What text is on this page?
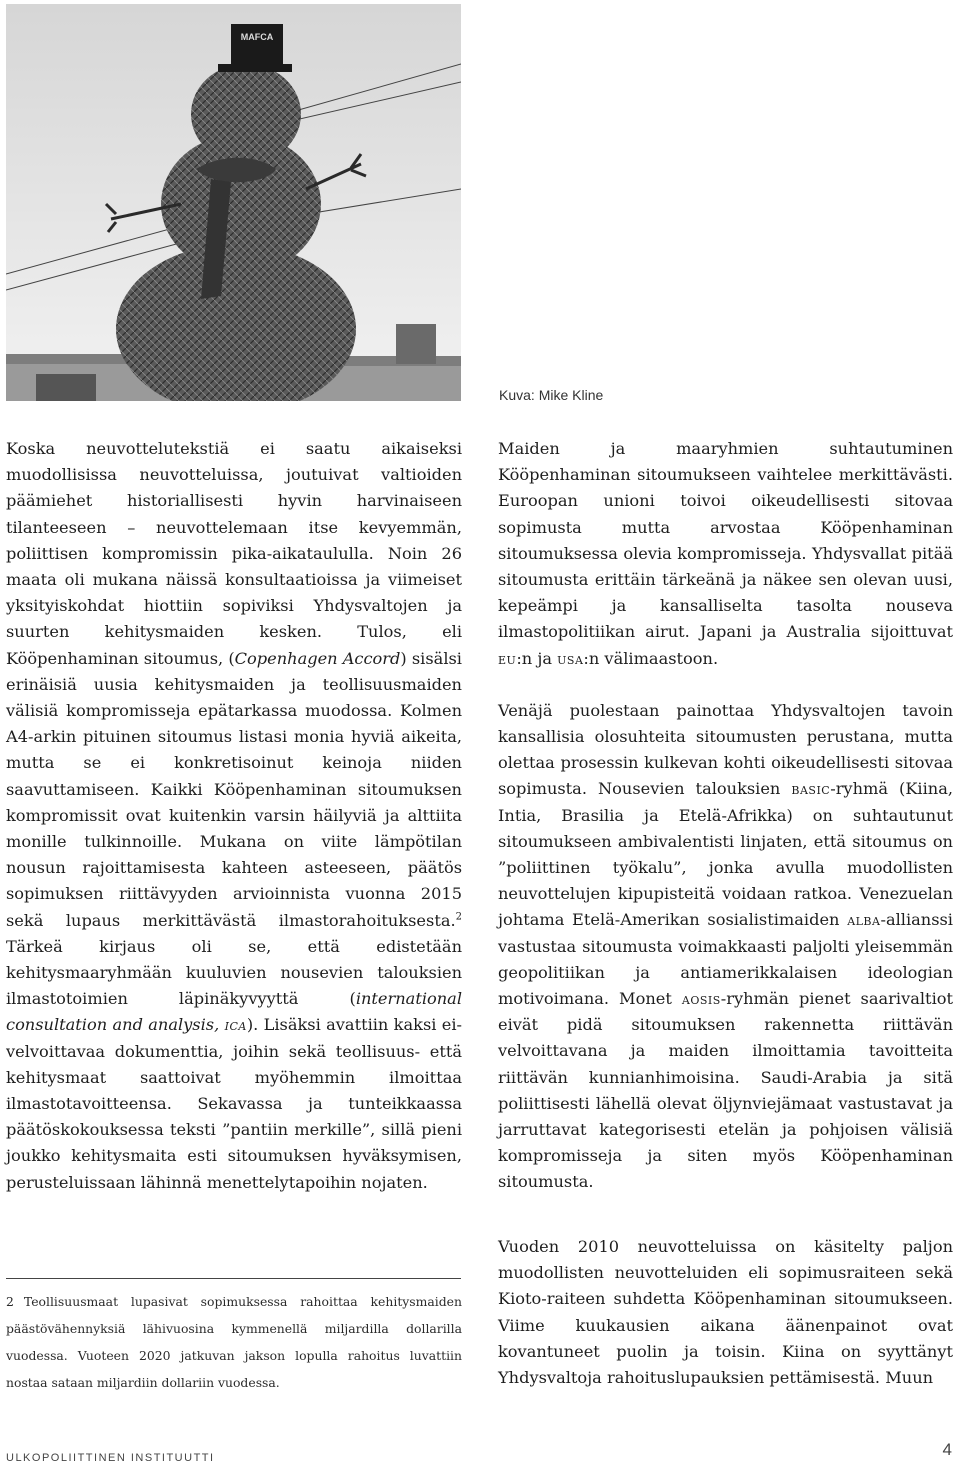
MAFCA
Kuva: Mike Kline

Koska neuvottelutekstiä ei saatu aikaiseksi muodollisissa neuvotteluissa, joutuivat valtioiden päämiehet historiallisesti hyvin harvinaiseen tilanteeseen – neuvottelemaan itse kevyemmän, poliittisen kompromissin pika-aikataululla. Noin 26 maata oli mukana näissä konsultaatioissa ja viimeiset yksityiskohdat hiottiin sopiviksi Yhdysvaltojen ja suurten kehitysmaiden kesken. Tulos, eli Kööpenhaminan sitoumus, (Copenhagen Accord) sisälsi erinäisiä uusia kehitysmaiden ja teollisuusmaiden välisiä kompromisseja epätarkassa muodossa. Kolmen A4-arkin pituinen sitoumus listasi monia hyviä aikeita, mutta se ei konkretisoinut keinoja niiden saavuttamiseen. Kaikki Kööpenhaminan sitoumuksen kompromissit ovat kuitenkin varsin häilyviä ja alttiita monille tulkinnoille. Mukana on viite lämpötilan nousun rajoittamisesta kahteen asteeseen, päätös sopimuksen riittävyyden arvioinnista vuonna 2015 sekä lupaus merkittävästä ilmastorahoituksesta.$^2$ Tärkeä kirjaus oli se, että edistetään kehitysmaaryhmään kuuluvien nousevien talouksien ilmastotoimien läpinäkyvyyttä (international consultation and analysis, ica). Lisäksi avattiin kaksi ei-velvoittavaa dokumenttia, joihin sekä teollisuus- että kehitysmaat saattoivat myöhemmin ilmoittaa ilmastotavoitteensa. Sekavassa ja tunteikkaassa päätöskokouksessa teksti ”pantiin merkille”, sillä pieni joukko kehitysmaita esti sitoumuksen hyväksymisen, perusteluissaan lähinnä menettelytapoihin nojaten.

2 Teollisuusmaat lupasivat sopimuksessa rahoittaa kehitysmaiden päästövähennyksiä lähivuosina kymmenellä miljardilla dollarilla vuodessa. Vuoteen 2020 jatkuvan jakson lopulla rahoitus luvattiin nostaa sataan miljardiin dollariin vuodessa.

Maiden ja maaryhmien suhtautuminen Kööpenhaminan sitoumukseen vaihtelee merkittävästi. Euroopan unioni toivoi oikeudellisesti sitovaa sopimusta mutta arvostaa Kööpenhaminan sitoumuksessa olevia kompromisseja. Yhdysvallat pitää sitoumusta erittäin tärkeänä ja näkee sen olevan uusi, kepeämpi ja kansalliselta tasolta nouseva ilmastopolitiikan airut. Japani ja Australia sijoittuvat eu:n ja usa:n välimaastoon.

Venäjä puolestaan painottaa Yhdysvaltojen tavoin kansallisia olosuhteita sitoumusten perustana, mutta olettaa prosessin kulkevan kohti oikeudellisesti sitovaa sopimusta. Nousevien talouksien basic-ryhmä (Kiina, Intia, Brasilia ja Etelä-Afrikka) on suhtautunut sitoumukseen ambivalentisti linjaten, että sitoumus on ”poliittinen työkalu”, jonka avulla muodollisten neuvottelujen kipupisteitä voidaan ratkoa. Venezuelan johtama Etelä-Amerikan sosialistimaiden alba-allianssi vastustaa sitoumusta voimakkaasti paljolti yleisemmän geopolitiikan ja antiamerikkalaisen ideologian motivoimana. Monet aosis-ryhmän pienet saarivaltiot eivät pidä sitoumuksen rakennetta riittävän velvoittavana ja maiden ilmoittamia tavoitteita riittävän kunnianhimoisina. Saudi-Arabia ja sitä poliittisesti lähellä olevat öljynviejämaat vastustavat ja jarruttavat kategorisesti etelän ja pohjoisen välisiä kompromisseja ja siten myös Kööpenhaminan sitoumusta.

Vuoden 2010 neuvotteluissa on käsitelty paljon muodollisten neuvotteluiden eli sopimusraiteen sekä Kioto-raiteen suhdetta Kööpenhaminan sitoumukseen. Viime kuukausien aikana äänenpainot ovat kovantuneet puolin ja toisin. Kiina on syyttänyt Yhdysvaltoja rahoituslupauksien pettämisestä. Muun

ULKOPOLIITTINEN INSTITUUTTI	4
